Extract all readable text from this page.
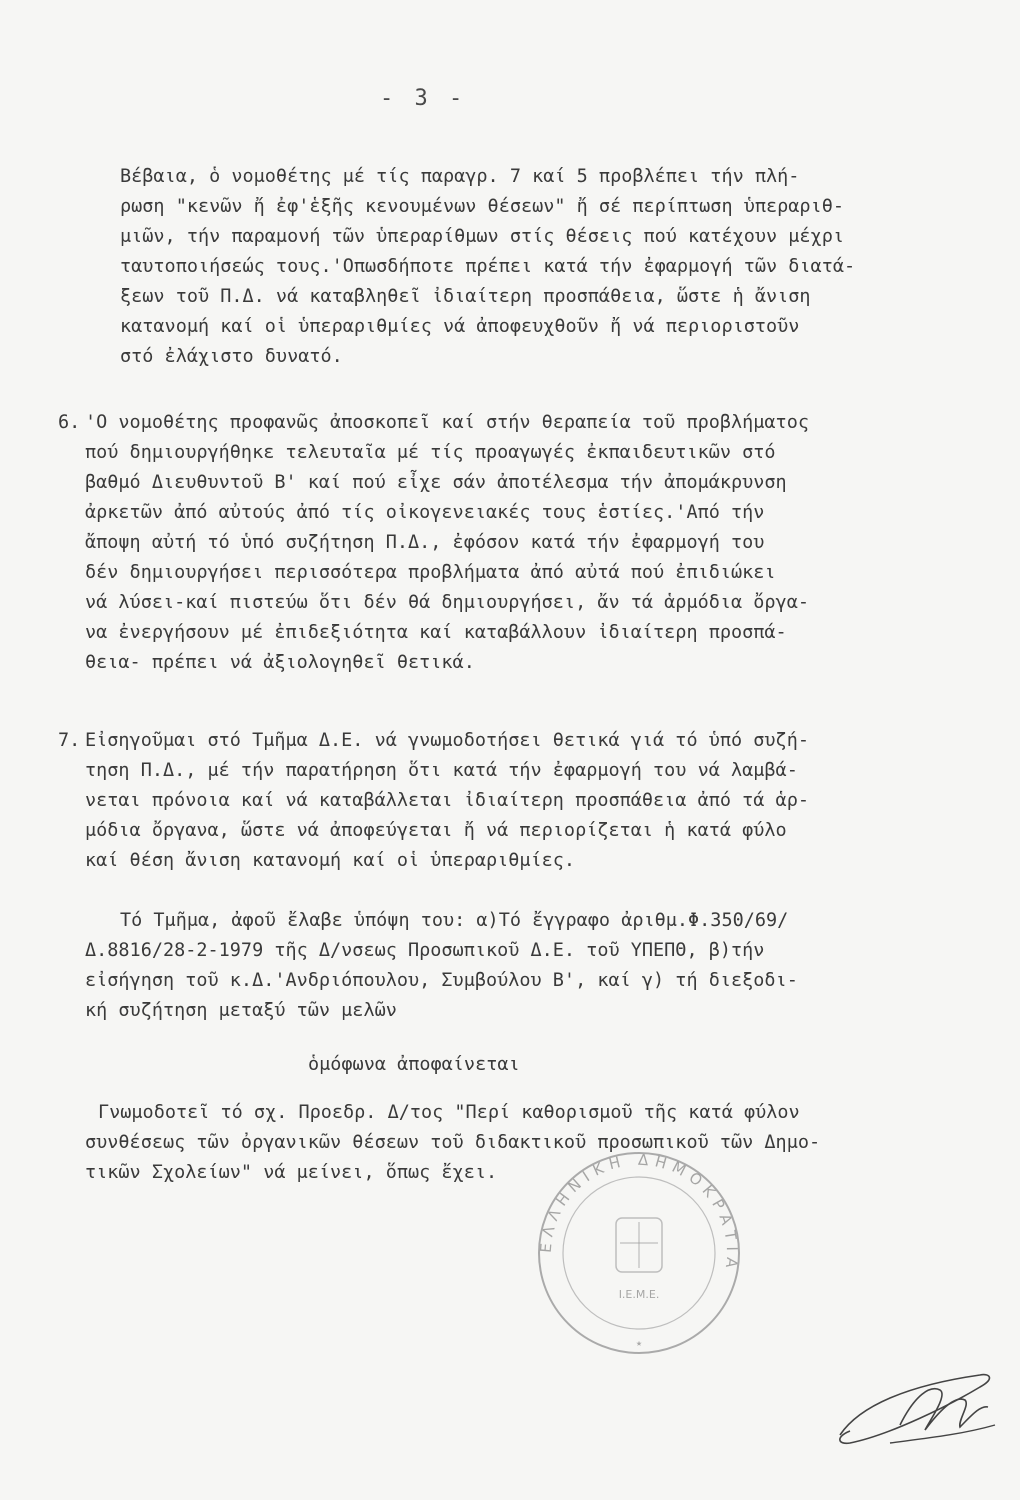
- 3 -
Βέβαια, ὁ νομοθέτης μέ τίς παραγρ. 7 καί 5 προβλέπει τήν πλή-
ρωση "κενῶν ἤ ἐφ'ἑξῆς κενουμένων θέσεων" ἤ σέ περίπτωση ὑπεραριθ-
μιῶν, τήν παραμονή τῶν ὑπεραρίθμων στίς θέσεις πού κατέχουν μέχρι
ταυτοποιήσεώς τους.'Οπωσδήποτε πρέπει κατά τήν ἐφαρμογή τῶν διατά-
ξεων τοῦ Π.Δ. νά καταβληθεῖ ἰδιαίτερη προσπάθεια, ὥστε ἡ ἄνιση
κατανομή καί οἱ ὑπεραριθμίες νά ἀποφευχθοῦν ἤ νά περιοριστοῦν
στό ἐλάχιστο δυνατό.
6. 'Ο νομοθέτης προφανῶς ἀποσκοπεῖ καί στήν θεραπεία τοῦ προβλήματος
πού δημιουργήθηκε τελευταῖα μέ τίς προαγωγές ἐκπαιδευτικῶν στό
βαθμό Διευθυντοῦ Β' καί πού εἶχε σάν ἀποτέλεσμα τήν ἀπομάκρυνση
ἀρκετῶν ἀπό αὐτούς ἀπό τίς οἰκογενειακές τους ἑστίες.'Από τήν
ἄποψη αὐτή τό ὑπό συζήτηση Π.Δ., ἐφόσον κατά τήν ἐφαρμογή του
δέν δημιουργήσει περισσότερα προβλήματα ἀπό αὐτά πού ἐπιδιώκει
νά λύσει-καί πιστεύω ὅτι δέν θά δημιουργήσει, ἄν τά ἁρμόδια ὄργα-
να ἐνεργήσουν μέ ἐπιδεξιότητα καί καταβάλλουν ἰδιαίτερη προσπά-
θεια- πρέπει νά ἀξιολογηθεῖ θετικά.
7. Εἰσηγοῦμαι στό Τμῆμα Δ.Ε. νά γνωμοδοτήσει θετικά γιά τό ὑπό συζή-
τηση Π.Δ., μέ τήν παρατήρηση ὅτι κατά τήν ἐφαρμογή του νά λαμβά-
νεται πρόνοια καί νά καταβάλλεται ἰδιαίτερη προσπάθεια ἀπό τά ἁρ-
μόδια ὄργανα, ὥστε νά ἀποφεύγεται ἤ νά περιορίζεται ἡ κατά φύλο
καί θέση ἄνιση κατανομή καί οἱ ὑπεραριθμίες.
Τό Τμῆμα, ἀφοῦ ἔλαβε ὑπόψη του: α)Τό ἔγγραφο ἀριθμ.Φ.350/69/
Δ.8816/28-2-1979 τῆς Δ/νσεως Προσωπικοῦ Δ.Ε. τοῦ ΥΠΕΠΘ, β)τήν
εἰσήγηση τοῦ κ.Δ.'Ανδριόπουλου, Συμβούλου Β', καί γ) τή διεξοδι-
κή συζήτηση μεταξύ τῶν μελῶν
ὁμόφωνα ἀποφαίνεται
Γνωμοδοτεῖ τό σχ. Προεδρ. Δ/τος "Περί καθορισμοῦ τῆς κατά φύλον
συνθέσεως τῶν ὀργανικῶν θέσεων τοῦ διδακτικοῦ προσωπικοῦ τῶν Δημο-
τικῶν Σχολείων" νά μείνει, ὅπως ἔχει.
ΕΛΛΗΝΙΚΗ ΔΗΜΟΚΡΑΤΙΑ
Ι.Ε.Μ.Ε.
★
